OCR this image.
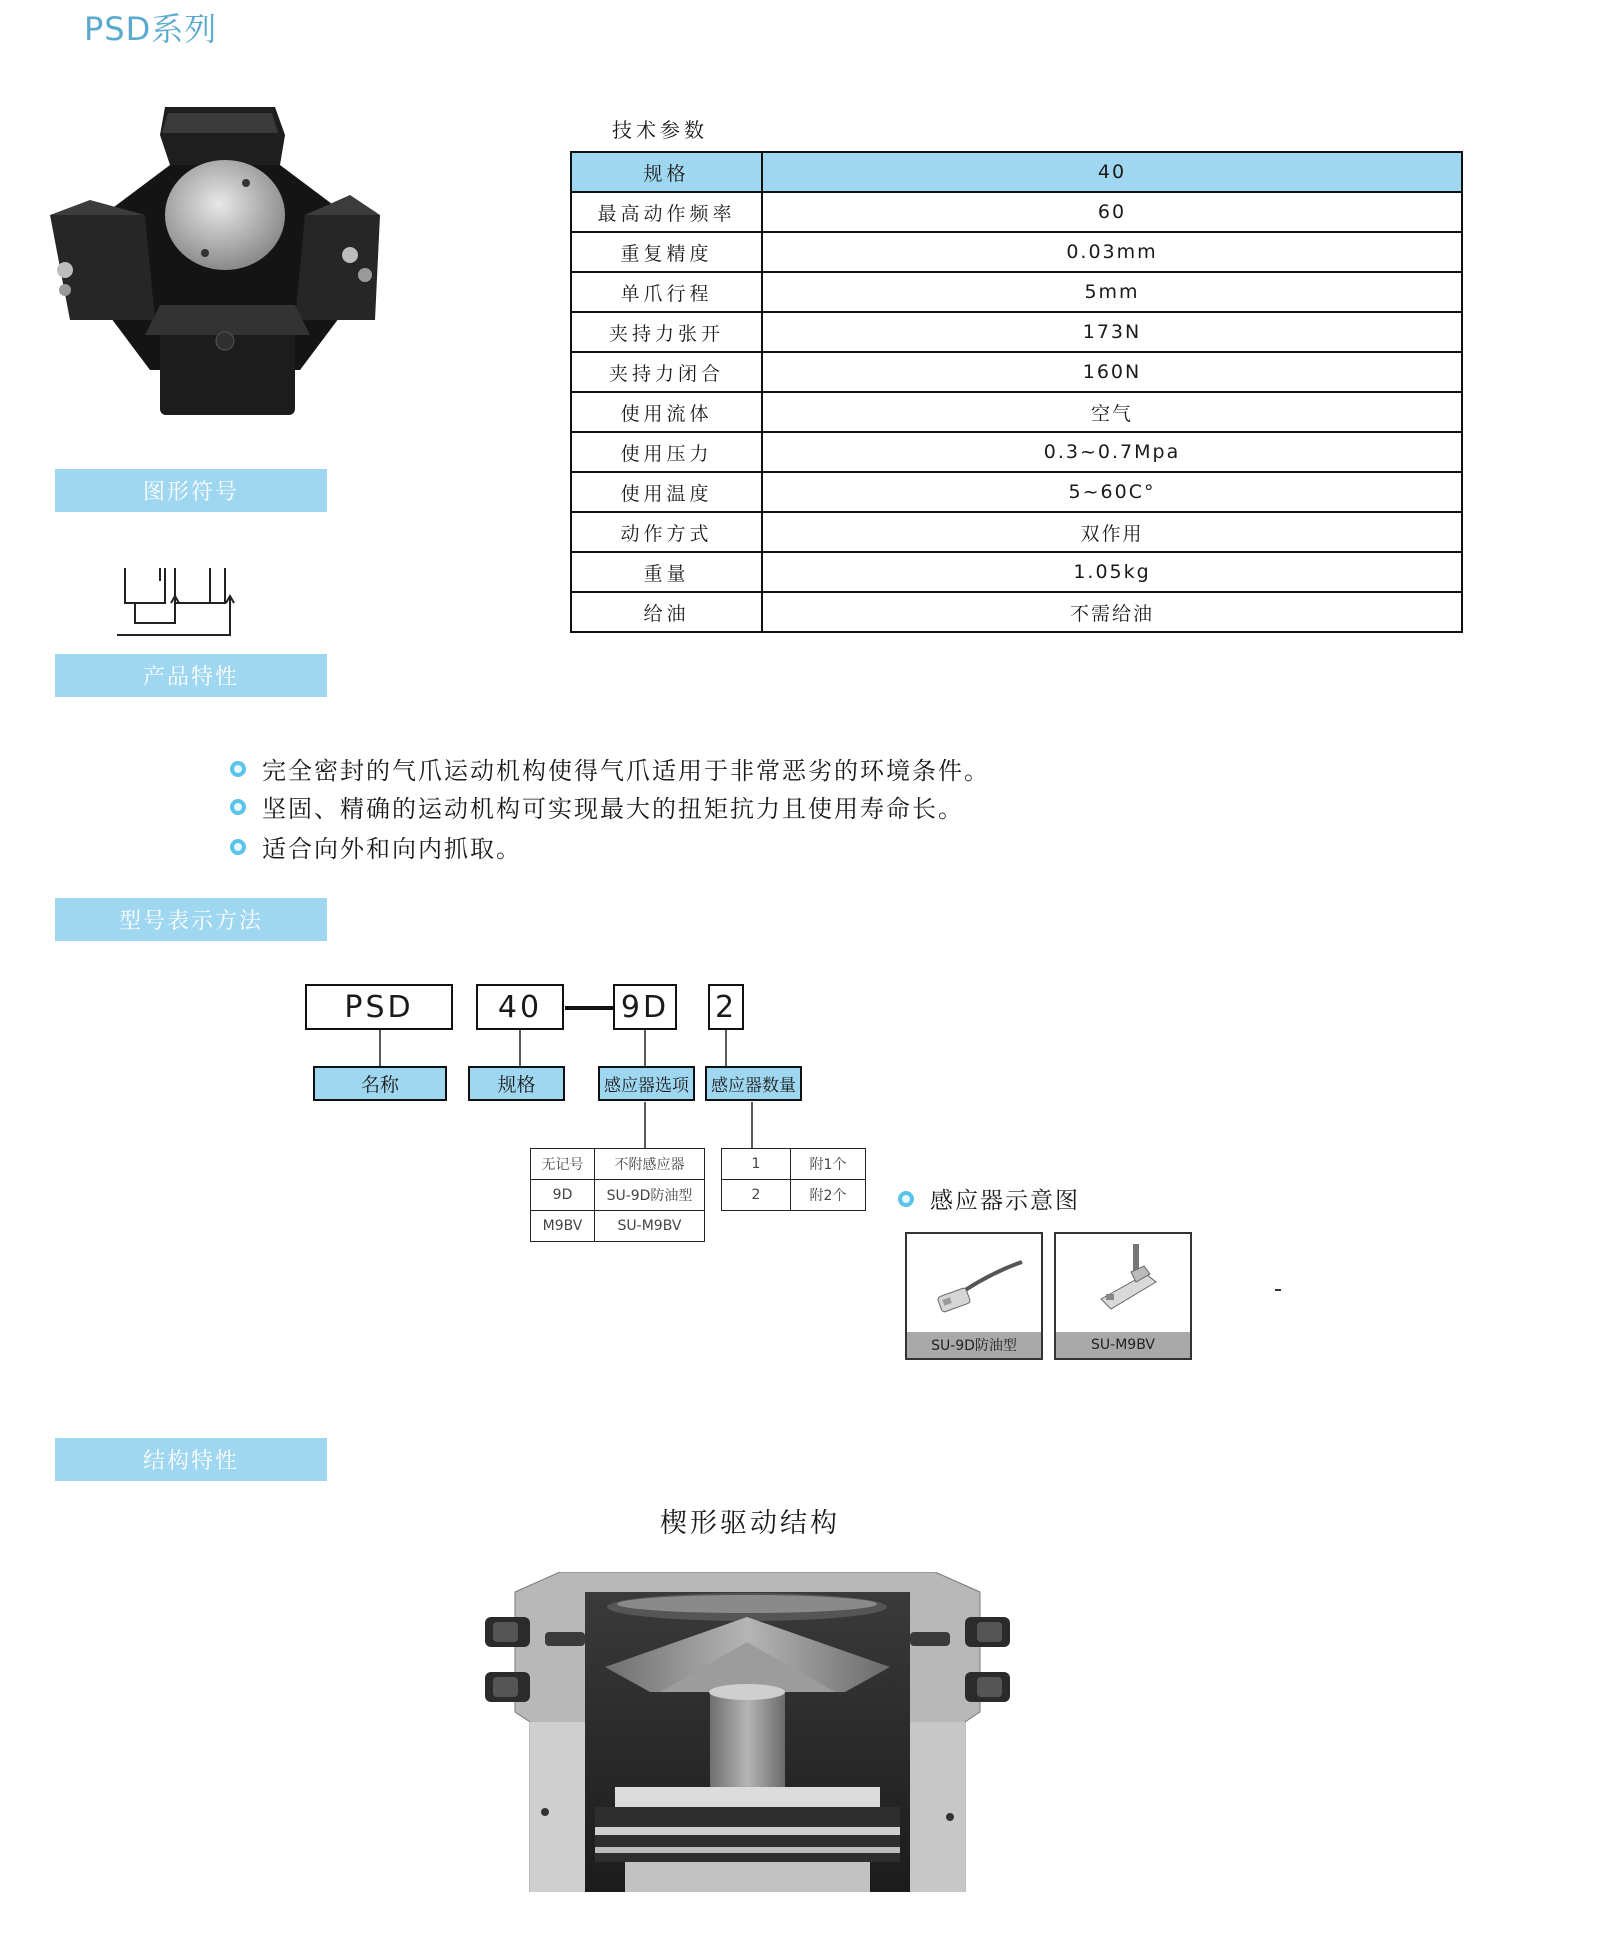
PSD系列
图形符号
产品特性
技术参数
规格	40
最高动作频率	60
重复精度	0.03mm
单爪行程	5mm
夹持力张开	173N
夹持力闭合	160N
使用流体	空气
使用压力	0.3~0.7Mpa
使用温度	5~60C°
动作方式	双作用
重量	1.05kg
给油	不需给油
完全密封的气爪运动机构使得气爪适用于非常恶劣的环境条件。
坚固、精确的运动机构可实现最大的扭矩抗力且使用寿命长。
适合向外和向内抓取。
型号表示方法
PSD	40	9D 2
名称	规格	感应器选项	感应器数量
无记号	不附感应器
9D	SU-9D防油型
M9BV	SU-M9BV
1	附1个
2	附2个	感应器示意图
SU-9D防油型	SU-M9BV
结构特性
楔形驱动结构
